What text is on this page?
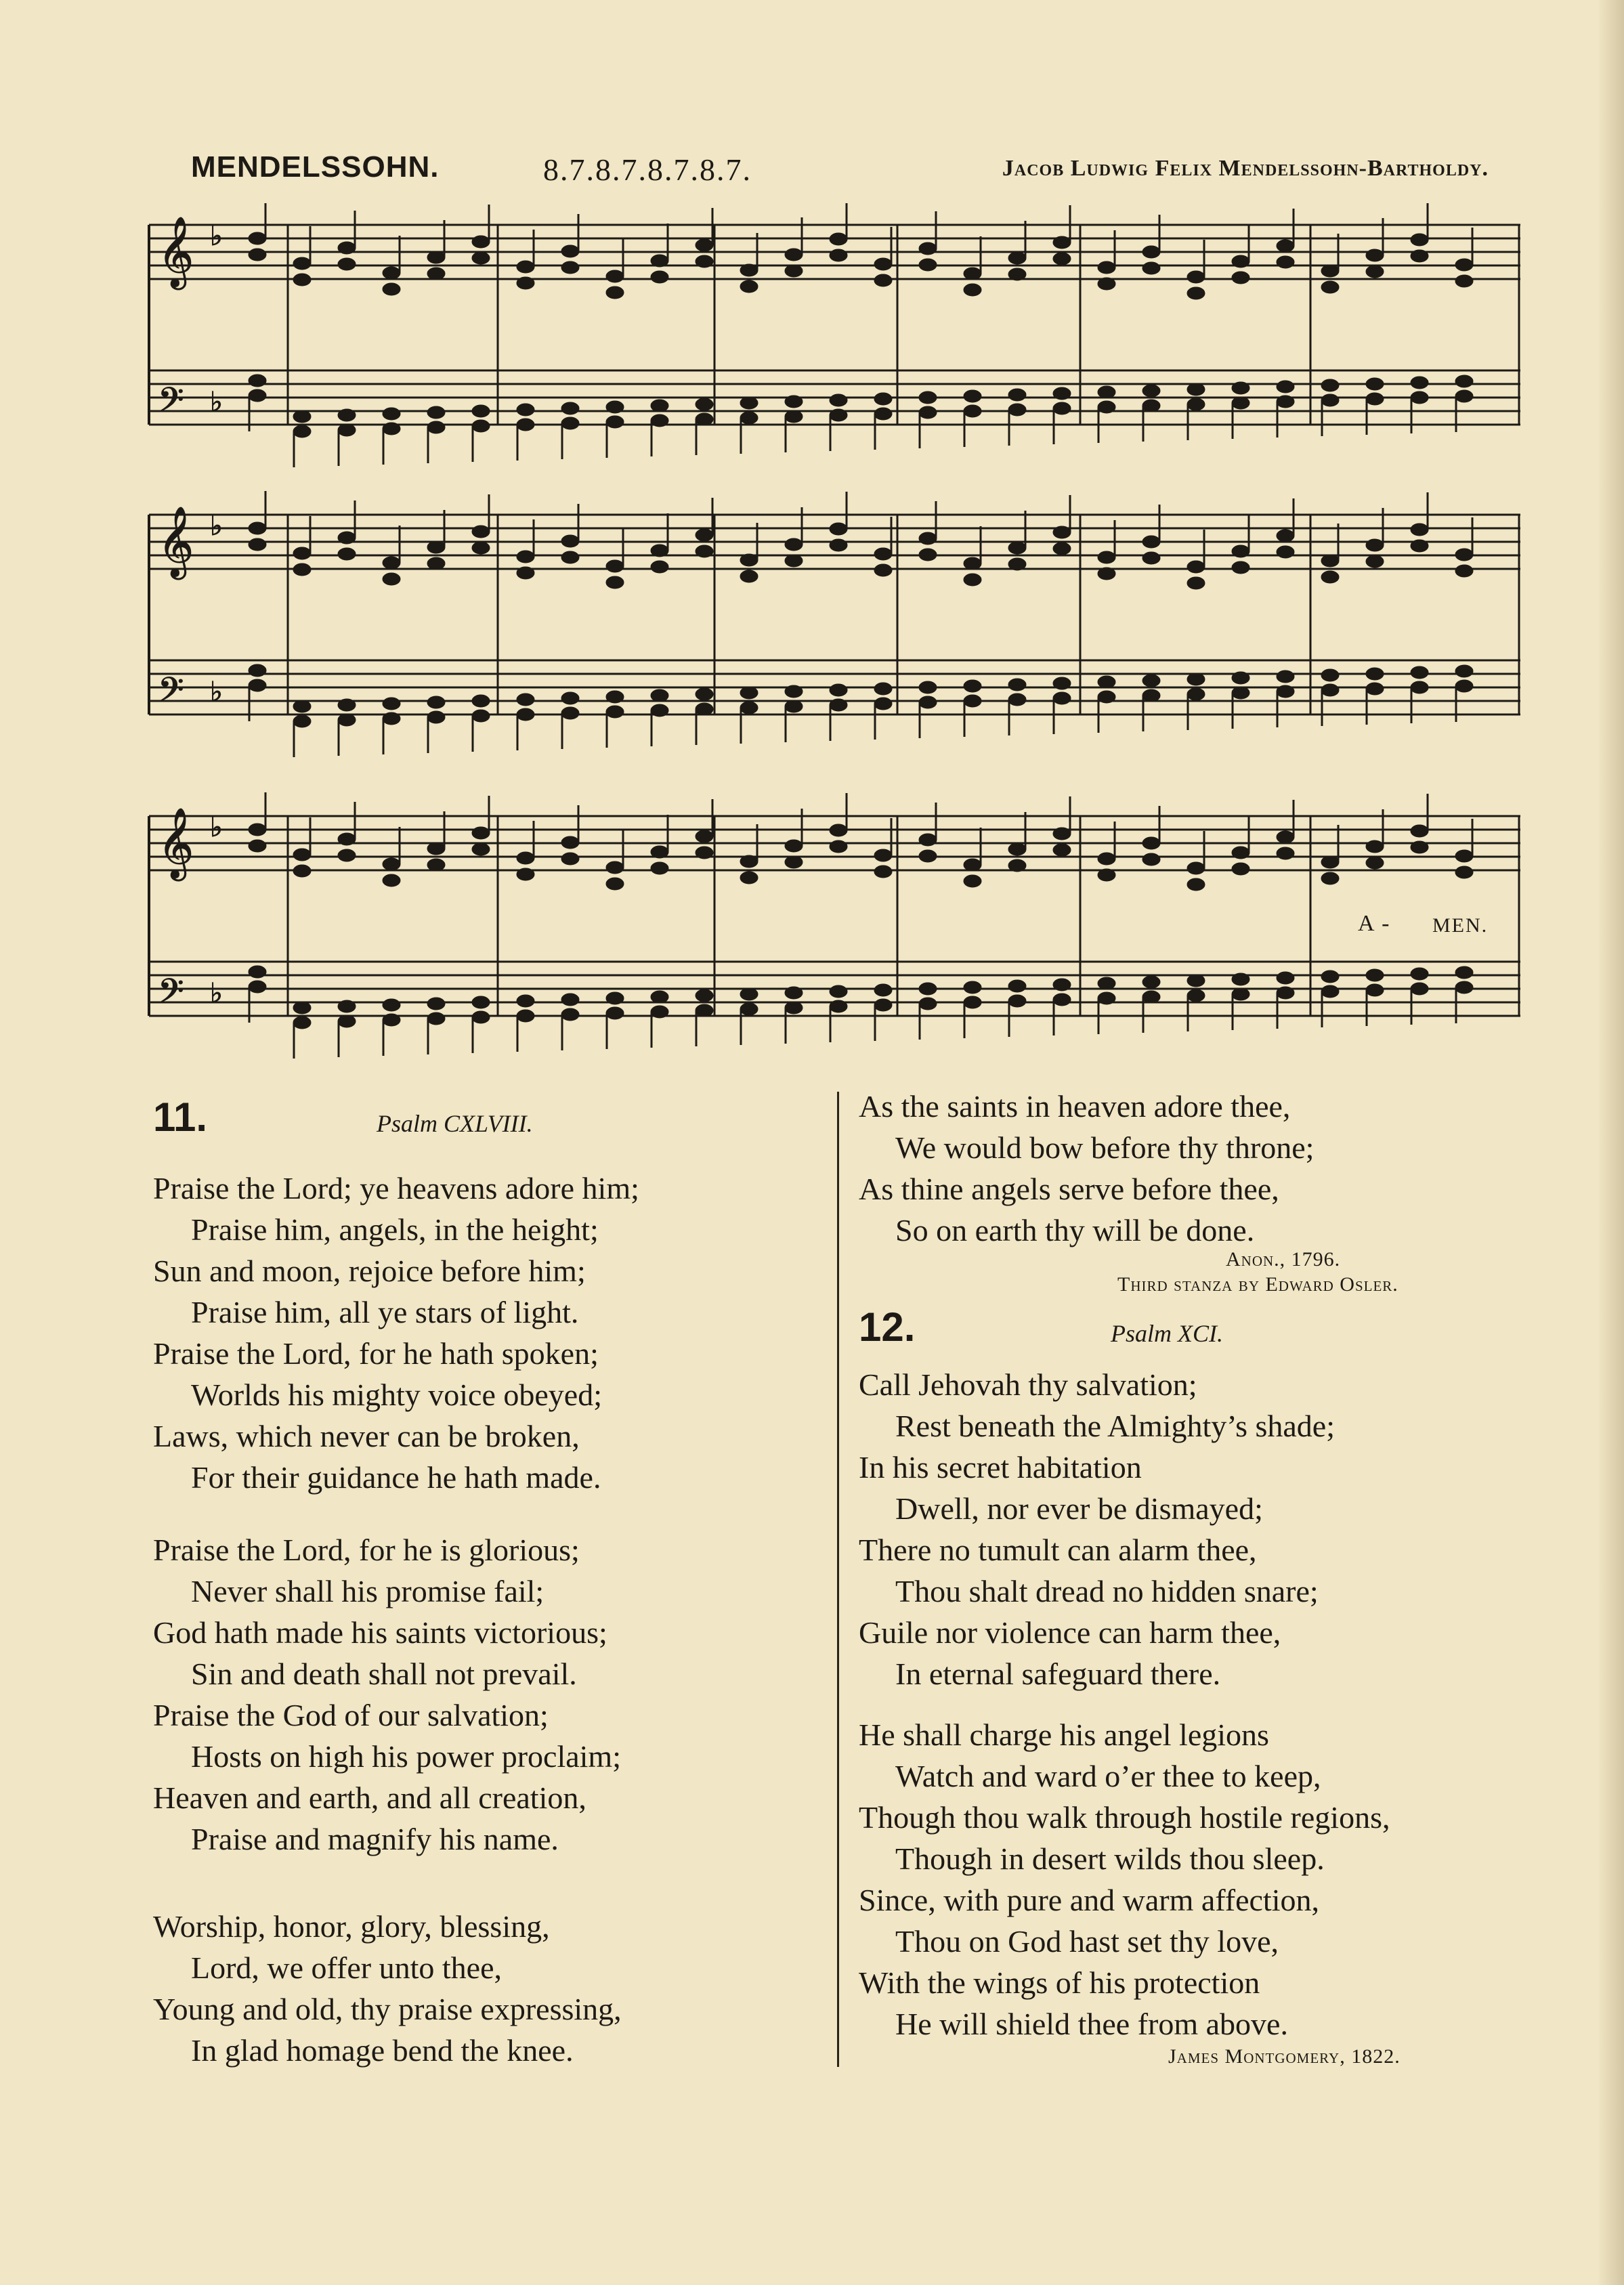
MENDELSSOHN.	8.7.8.7.8.7.8.7.	Jacob Ludwig Felix Mendelssohn-Bartholdy.
𝄞 ♭
𝄢 ♭
𝄞 ♭
𝄢 ♭
𝄞 ♭
𝄢 ♭
A - MEN.
11.	Psalm CXLVIII.
Praise the Lord; ye heavens adore him;
Praise him, angels, in the height;
Sun and moon, rejoice before him;
Praise him, all ye stars of light.
Praise the Lord, for he hath spoken;
Worlds his mighty voice obeyed;
Laws, which never can be broken,
For their guidance he hath made.
Praise the Lord, for he is glorious;
Never shall his promise fail;
God hath made his saints victorious;
Sin and death shall not prevail.
Praise the God of our salvation;
Hosts on high his power proclaim;
Heaven and earth, and all creation,
Praise and magnify his name.
Worship, honor, glory, blessing,
Lord, we offer unto thee,
Young and old, thy praise expressing,
In glad homage bend the knee.
As the saints in heaven adore thee,
We would bow before thy throne;
As thine angels serve before thee,
So on earth thy will be done.
Anon., 1796.
Third stanza by Edward Osler.
12.	Psalm XCI.
Call Jehovah thy salvation;
Rest beneath the Almighty’s shade;
In his secret habitation
Dwell, nor ever be dismayed;
There no tumult can alarm thee,
Thou shalt dread no hidden snare;
Guile nor violence can harm thee,
In eternal safeguard there.
He shall charge his angel legions
Watch and ward o’er thee to keep,
Though thou walk through hostile regions,
Though in desert wilds thou sleep.
Since, with pure and warm affection,
Thou on God hast set thy love,
With the wings of his protection
He will shield thee from above.
James Montgomery, 1822.
